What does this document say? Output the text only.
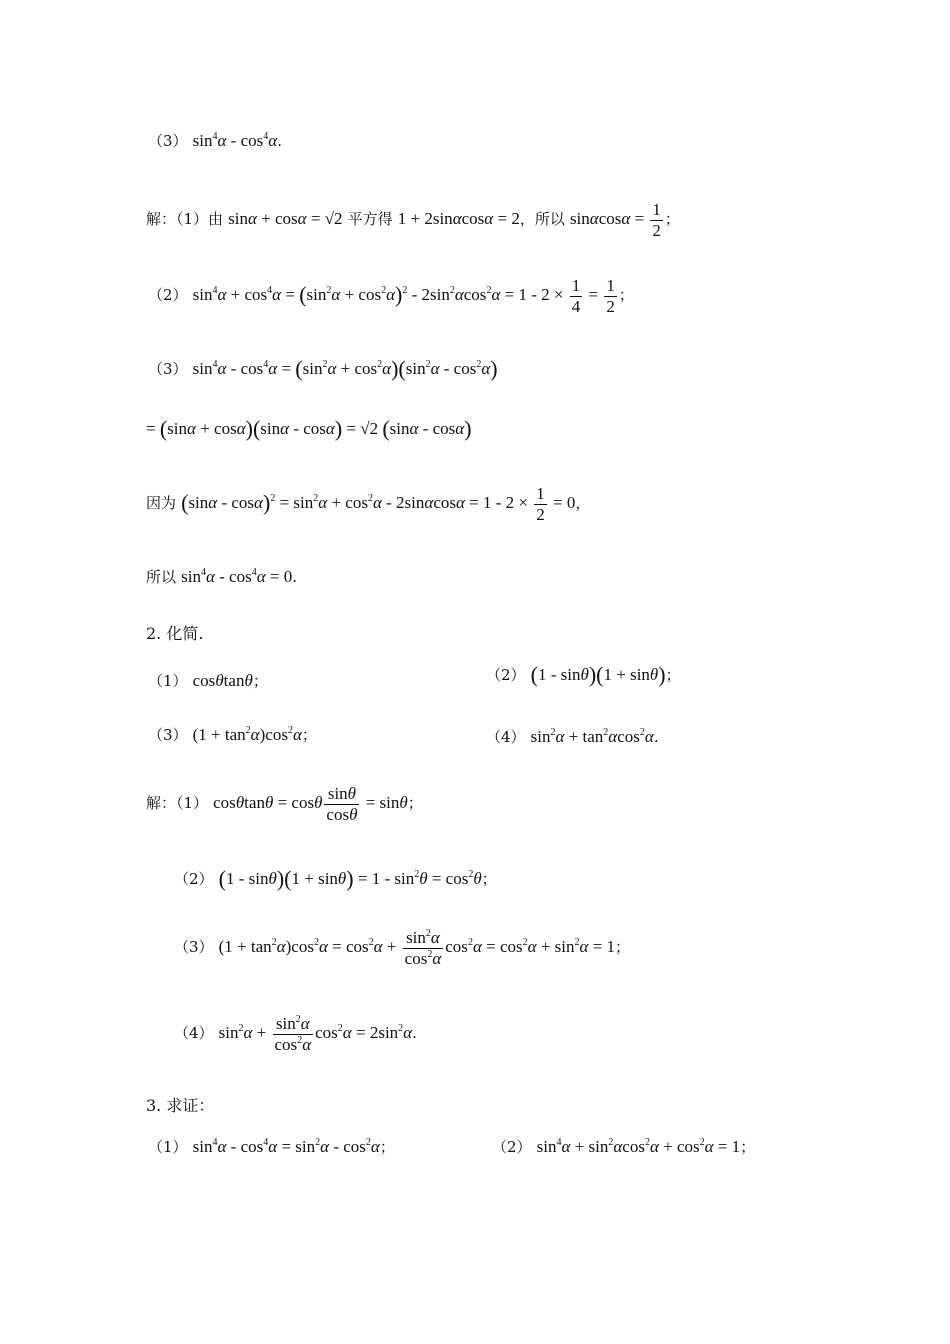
（3） $\sin^4\alpha - \cos^4\alpha$.
解：（1）由 sinα + cosα = √2 平方得 1 + 2sinαcosα = 2，所以 $\sin\alpha\cos\alpha = \frac{1}{2}$ ；
（2） $\sin^4\alpha + \cos^4\alpha = (\sin^2\alpha + \cos^2\alpha)^2 - 2\sin^2\alpha\cos^2\alpha = 1 - 2 \times \frac{1}{4} = \frac{1}{2}$ ；
（3） $\sin^4\alpha - \cos^4\alpha = (\sin^2\alpha + \cos^2\alpha)(\sin^2\alpha - \cos^2\alpha)$
= (sinα + cosα)(sinα - cosα) = √2 (sinα - cosα)
因为 $(\sin\alpha - \cos\alpha)^2 = \sin^2\alpha + \cos^2\alpha - 2\sin\alpha\cos\alpha = 1 - 2 \times \frac{1}{2} = 0$，
所以 $\sin^4\alpha - \cos^4\alpha = 0$.
2. 化简.
（1） cosθtanθ；	（2） (1 - sinθ)(1 + sinθ)；
（3） $(1 + \tan^2\alpha)\cos^2\alpha$；	（4） $\sin^2\alpha + \tan^2\alpha\cos^2\alpha$.
解：（1） cosθtanθ = cosθ $\frac{\sin\theta}{\cos\theta} = \sin\theta$；
（2） $(1 - \sin\theta)(1 + \sin\theta) = 1 - \sin^2\theta = \cos^2\theta$；
（3） $(1 + \tan^2\alpha)\cos^2\alpha = \cos^2\alpha + \frac{\sin^2\alpha}{\cos^2\alpha} \cos^2\alpha = \cos^2\alpha + \sin^2\alpha = 1$；
（4） $\sin^2\alpha + \frac{\sin^2\alpha}{\cos^2\alpha} \cos^2\alpha = 2\sin^2\alpha$.
3. 求证：
（1） $\sin^4\alpha - \cos^4\alpha = \sin^2\alpha - \cos^2\alpha$；	（2） $\sin^4\alpha + \sin^2\alpha\cos^2\alpha + \cos^2\alpha = 1$；
